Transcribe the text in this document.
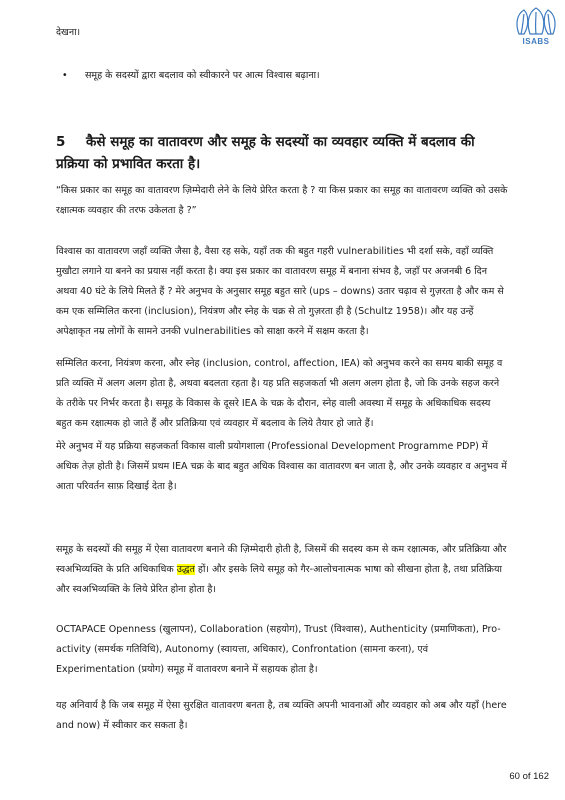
ISABS

देखना।

• समूह के सदस्यों द्वारा बदलाव को स्वीकारने पर आत्म विश्वास बढ़ाना।
5 कैसे समूह का वातावरण और समूह के सदस्यों का व्यवहार व्यक्ति में बदलाव की
प्रक्रिया को प्रभावित करता है।

“किस प्रकार का समूह का वातावरण ज़िम्मेदारी लेने के लिये प्रेरित करता है ? या किस प्रकार का समूह का वातावरण व्यक्ति को उसके रक्षात्मक व्यवहार की तरफ उकेलता है ?”

विश्वास का वातावरण जहाँ व्यक्ति जैसा है, वैसा रह सके, यहाँ तक की बहुत गहरी vulnerabilities भी दर्शा सके, वहाँ व्यक्ति मुखौटा लगाने या बनने का प्रयास नहीं करता है। क्या इस प्रकार का वातावरण समूह में बनाना संभव है, जहाँ पर अजनबी 6 दिन अथवा 40 घंटे के लिये मिलते हैं ? मेरे अनुभव के अनुसार समूह बहुत सारे (ups – downs) उतार चढ़ाव से गुज़रता है और कम से कम एक सम्मिलित करना (inclusion), नियंत्रण और स्नेह के चक्र से तो गुज़रता ही है (Schultz 1958)। और यह उन्हें अपेक्षाकृत नम्र लोगों के सामने उनकी vulnerabilities को साक्षा करने में सक्षम करता है।

सम्मिलित करना, नियंत्रण करना, और स्नेह (inclusion, control, affection, IEA) को अनुभव करने का समय बाकी समूह व प्रति व्यक्ति में अलग अलग होता है, अथवा बदलता रहता है। यह प्रति सहजकर्ता भी अलग अलग होता है, जो कि उनके सहज करने के तरीके पर निर्भर करता है। समूह के विकास के दूसरे IEA के चक्र के दौरान, स्नेह वाली अवस्था में समूह के अधिकाधिक सदस्य बहुत कम रक्षात्मक हो जाते हैं और प्रतिक्रिया एवं व्यवहार में बदलाव के लिये तैयार हो जाते हैं।

मेरे अनुभव में यह प्रक्रिया सहजकर्ता विकास वाली प्रयोगशाला (Professional Development Programme PDP) में अधिक तेज़ होती है। जिसमें प्रथम IEA चक्र के बाद बहुत अधिक विश्वास का वातावरण बन जाता है, और उनके व्यवहार व अनुभव में आता परिवर्तन साफ़ दिखाई देता है।

समूह के सदस्यों की समूह में ऐसा वातावरण बनाने की ज़िम्मेदारी होती है, जिसमें की सदस्य कम से कम रक्षात्मक, और प्रतिक्रिया और स्वअभिव्यक्ति के प्रति अधिकाधिक उद्धत हों। और इसके लिये समूह को गैर-आलोचनात्मक भाषा को सीखना होता है, तथा प्रतिक्रिया और स्वअभिव्यक्ति के लिये प्रेरित होना होता है।

OCTAPACE Openness (खुलापन), Collaboration (सहयोग), Trust (विश्वास), Authenticity (प्रमाणिकता), Pro-activity (समर्थक गतिविधि), Autonomy (स्वायत्ता, अधिकार), Confrontation (सामना करना), एवं Experimentation (प्रयोग) समूह में वातावरण बनाने में सहायक होता है।

यह अनिवार्य है कि जब समूह में ऐसा सुरक्षित वातावरण बनता है, तब व्यक्ति अपनी भावनाओं और व्यवहार को अब और यहाँ (here and now) में स्वीकार कर सकता है।

60 of 162
